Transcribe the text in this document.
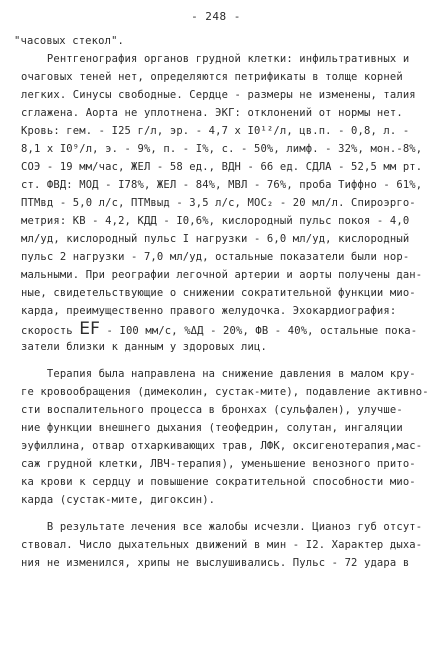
- 248 -
"часовых стекол".
Рентгенография органов грудной клетки: инфильтративных и
очаговых теней нет, определяются петрификаты в толще корней
легких. Синусы свободные. Сердце - размеры не изменены, талия
сглажена. Аорта не уплотнена. ЭКГ: отклонений от нормы нет.
Кровь: гем. - I25 г/л, эр. - 4,7 х I0¹²/л, цв.п. - 0,8, л. -
8,1 х I0⁹/л, э. - 9%, п. - I%, с. - 50%, лимф. - 32%, мон.-8%,
СОЭ - 19 мм/час, ЖЕЛ - 58 ед., ВДН - 66 ед. СДЛА - 52,5 мм рт.
ст. ФВД: МОД - I78%, ЖЕЛ - 84%, МВЛ - 76%, проба Тиффно - 61%,
ПТМвд - 5,0 л/с, ПТМвыд - 3,5 л/с, МОС₂ - 20 мл/л. Спироэрго-
метрия: КВ - 4,2, КДД - I0,6%, кислородный пульс покоя - 4,0
мл/уд, кислородный пульс I нагрузки - 6,0 мл/уд, кислородный
пульс 2 нагрузки - 7,0 мл/уд, остальные показатели были нор-
мальными. При реографии легочной артерии и аорты получены дан-
ные, свидетельствующие о снижении сократительной функции мио-
карда, преимущественно правого желудочка. Эхокардиография:
скорость EF - I00 мм/с, %ΔД - 20%, ФВ - 40%, остальные пока-
затели близки к данным у здоровых лиц.
Терапия была направлена на снижение давления в малом кру-
ге кровообращения (димеколин, сустак-мите), подавление активно-
сти воспалительного процесса в бронхах (сульфален), улучше-
ние функции внешнего дыхания (теофедрин, солутан, ингаляции
эуфиллина, отвар отхаркивающих трав, ЛФК, оксигенотерапия,мас-
саж грудной клетки, ЛВЧ-терапия), уменьшение венозного прито-
ка крови к сердцу и повышение сократительной способности мио-
карда (сустак-мите, дигоксин).
В результате лечения все жалобы исчезли. Цианоз губ отсут-
ствовал. Число дыхательных движений в мин - I2. Характер дыха-
ния не изменился, хрипы не выслушивались. Пульс - 72 удара в
